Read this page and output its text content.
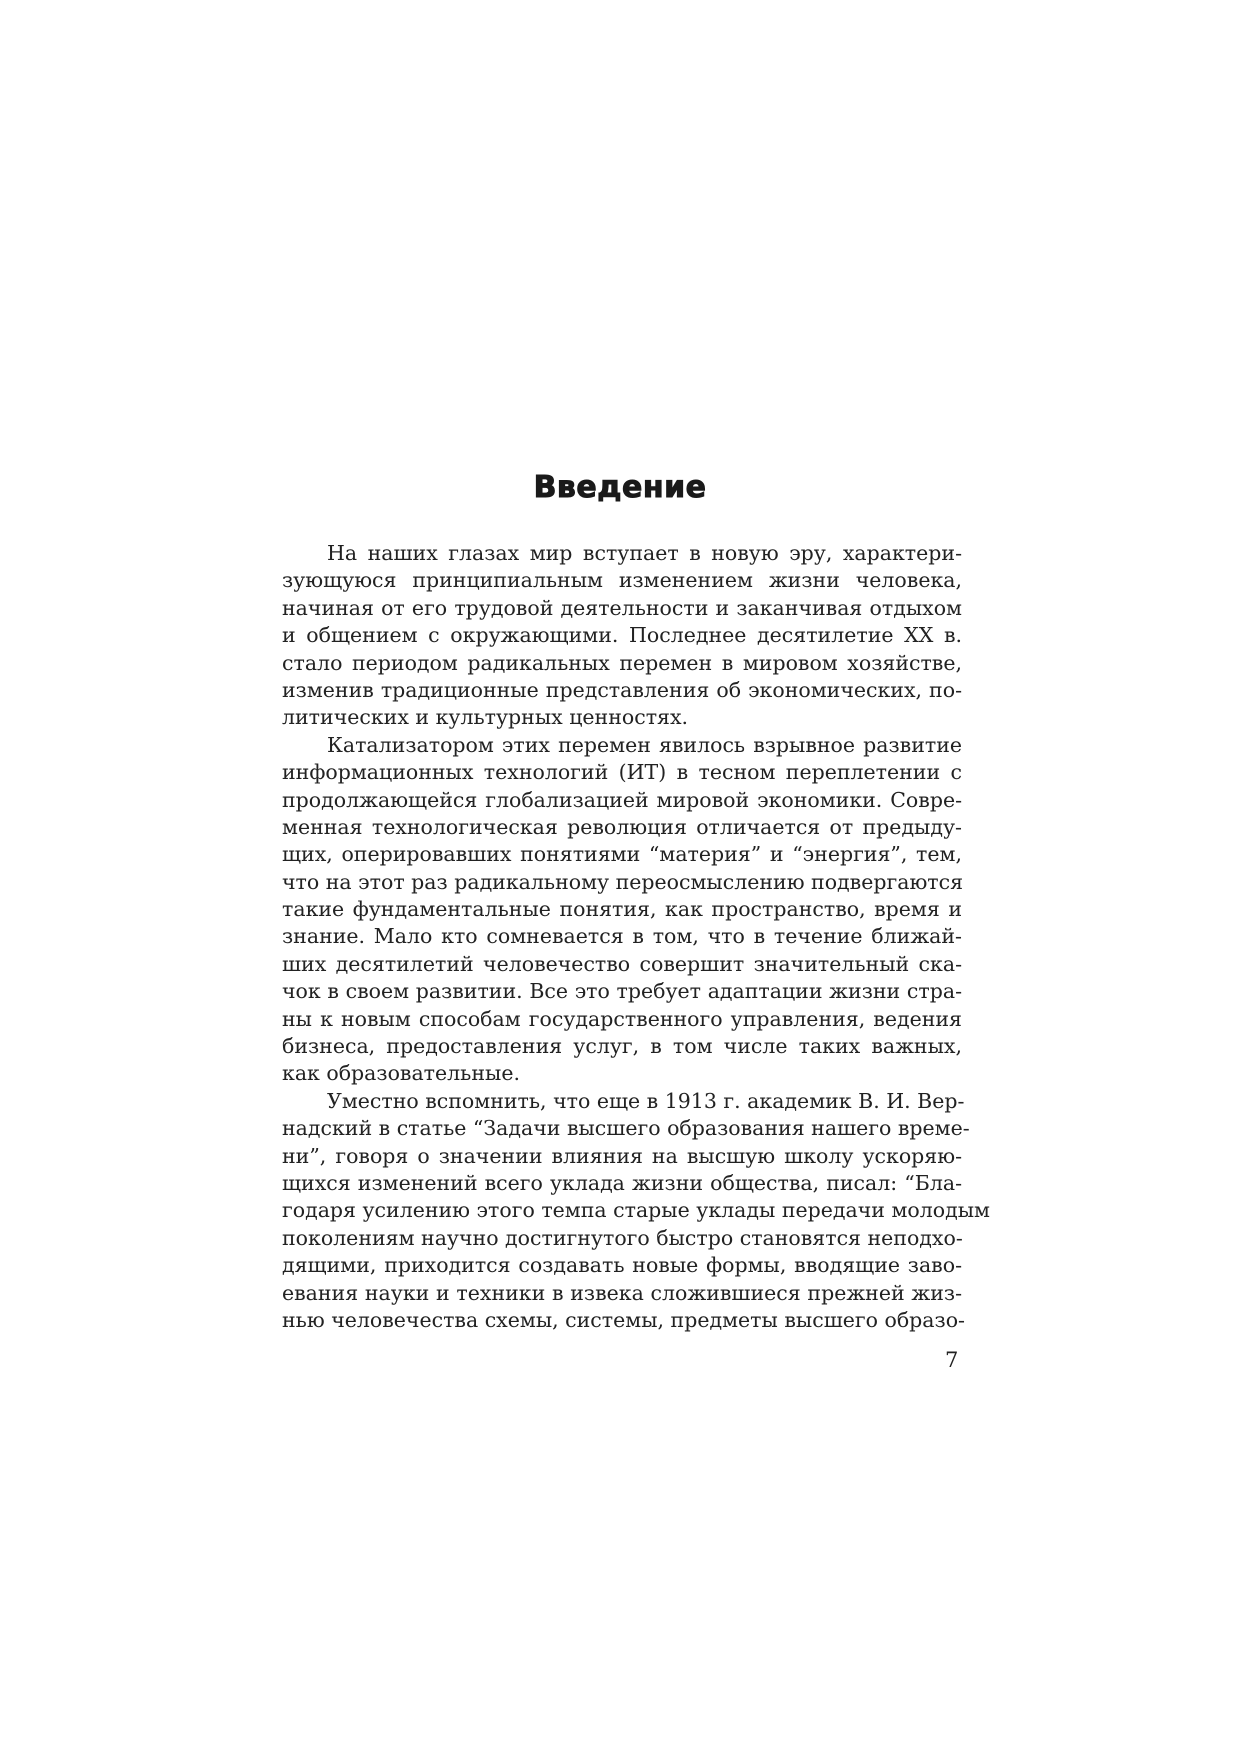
Введение
На наших глазах мир вступает в новую эру, характери-
зующуюся принципиальным изменением жизни человека,
начиная от его трудовой деятельности и заканчивая отдыхом
и общением с окружающими. Последнее десятилетие XX в.
стало периодом радикальных перемен в мировом хозяйстве,
изменив традиционные представления об экономических, по-
литических и культурных ценностях.
Катализатором этих перемен явилось взрывное развитие
информационных технологий (ИТ) в тесном переплетении с
продолжающейся глобализацией мировой экономики. Совре-
менная технологическая революция отличается от предыду-
щих, оперировавших понятиями “материя” и “энергия”, тем,
что на этот раз радикальному переосмыслению подвергаются
такие фундаментальные понятия, как пространство, время и
знание. Мало кто сомневается в том, что в течение ближай-
ших десятилетий человечество совершит значительный ска-
чок в своем развитии. Все это требует адаптации жизни стра-
ны к новым способам государственного управления, ведения
бизнеса, предоставления услуг, в том числе таких важных,
как образовательные.
Уместно вспомнить, что еще в 1913 г. академик В. И. Вер-
надский в статье “Задачи высшего образования нашего време-
ни”, говоря о значении влияния на высшую школу ускоряю-
щихся изменений всего уклада жизни общества, писал: “Бла-
годаря усилению этого темпа старые уклады передачи молодым
поколениям научно достигнутого быстро становятся неподхо-
дящими, приходится создавать новые формы, вводящие заво-
евания науки и техники в извека сложившиеся прежней жиз-
нью человечества схемы, системы, предметы высшего образо-
7
